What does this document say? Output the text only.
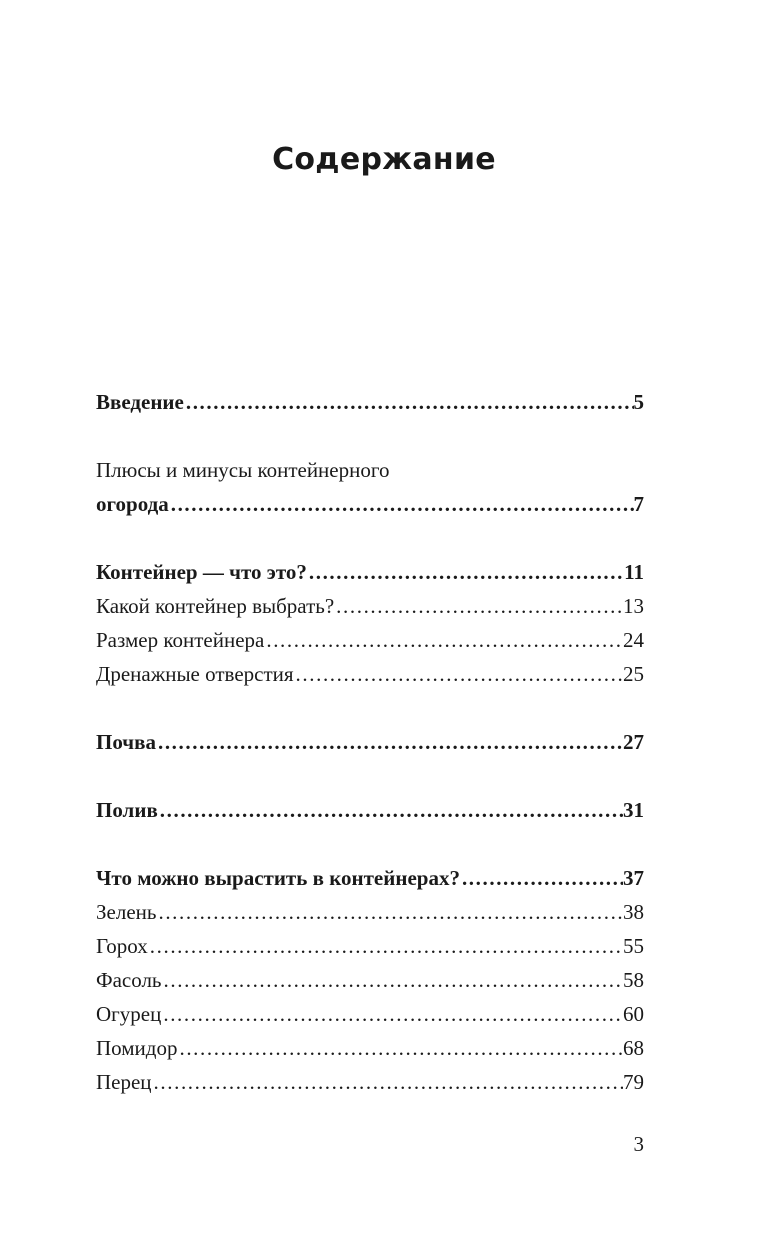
Содержание
Введение .....	5
Плюсы и минусы контейнерного
огорода .....	7
Контейнер — что это? .....	11
Какой контейнер выбрать? .....	13
Размер контейнера .....	24
Дренажные отверстия .....	25
Почва .....	27
Полив .....	31
Что можно вырастить в контейнерах? .....	37
Зелень .....	38
Горох .....	55
Фасоль .....	58
Огурец .....	60
Помидор .....	68
Перец .....	79
3
